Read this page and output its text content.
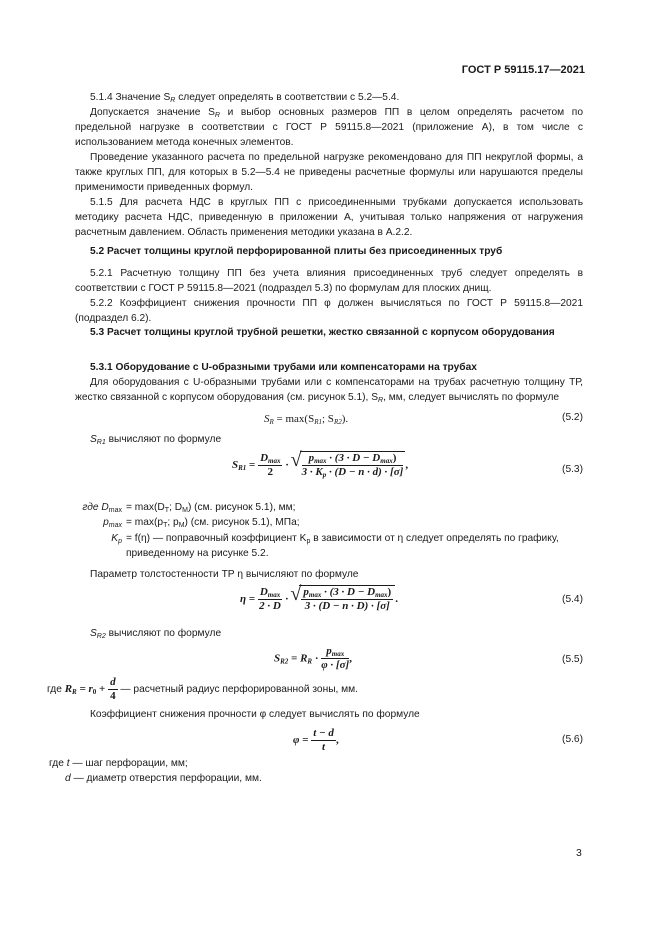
ГОСТ Р 59115.17—2021
5.1.4 Значение $S_R$ следует определять в соответствии с 5.2—5.4.
Допускается значение $S_R$ и выбор основных размеров ПП в целом определять расчетом по предельной нагрузке в соответствии с ГОСТ Р 59115.8—2021 (приложение А), в том числе с использованием метода конечных элементов.
Проведение указанного расчета по предельной нагрузке рекомендовано для ПП некруглой формы, а также круглых ПП, для которых в 5.2—5.4 не приведены расчетные формулы или нарушаются пределы применимости приведенных формул.
5.1.5 Для расчета НДС в круглых ПП с присоединенными трубками допускается использовать методику расчета НДС, приведенную в приложении А, учитывая только напряжения от нагружения расчетным давлением. Область применения методики указана в А.2.2.
5.2 Расчет толщины круглой перфорированной плиты без присоединенных труб
5.2.1 Расчетную толщину ПП без учета влияния присоединенных труб следует определять в соответствии с ГОСТ Р 59115.8—2021 (подраздел 5.3) по формулам для плоских днищ.
5.2.2 Коэффициент снижения прочности ПП φ должен вычисляться по ГОСТ Р 59115.8—2021 (подраздел 6.2).
5.3 Расчет толщины круглой трубной решетки, жестко связанной с корпусом оборудования
5.3.1 Оборудование с U-образными трубами или компенсаторами на трубах
Для оборудования с U-образными трубами или с компенсаторами на трубах расчетную толщину ТР, жестко связанной с корпусом оборудования (см. рисунок 5.1), $S_R$, мм, следует вычислять по формуле
$S_R = \max(S_{R1}$; $S_{R2}$).	(5.2)
$S_{R1}$ вычисляют по формуле
$S_{R1}$ =
$D_{max}$
2
·
√ $p_{max} \cdot (3 \cdot D - D_{max})$
$3 \cdot K_p \cdot (D - n \cdot d) \cdot [\sigma]$
,	(5.3)
где $D_{max} = \max(D_T$; $D_M$) (см. рисунок 5.1), мм;
$p_{max} = \max(p_T$; $p_M$) (см. рисунок 5.1), МПа;
$K_p = f(\eta)$ — поправочный коэффициент $K_p$ в зависимости от η следует определять по графику, приведенному на рисунке 5.2.
Параметр толстостенности ТР η вычисляют по формуле
η =
$D_{max}$
2 · D
·
√ $p_{max} \cdot (3 \cdot D - D_{max})$
3 · (D − n · D) · [σ]
.	(5.4)
$S_{R2}$ вычисляют по формуле
$S_{R2} = R_R$ ·
$p_{max}$
φ · [σ]
,	(5.5)
где $R_R = r_0 + \frac{d}{4}$ — расчетный радиус перфорированной зоны, мм.
Коэффициент снижения прочности φ следует вычислять по формуле
$\varphi = \frac{t - d}{t}$ ,	(5.6)
где t — шаг перфорации, мм;
d — диаметр отверстия перфорации, мм.
3
